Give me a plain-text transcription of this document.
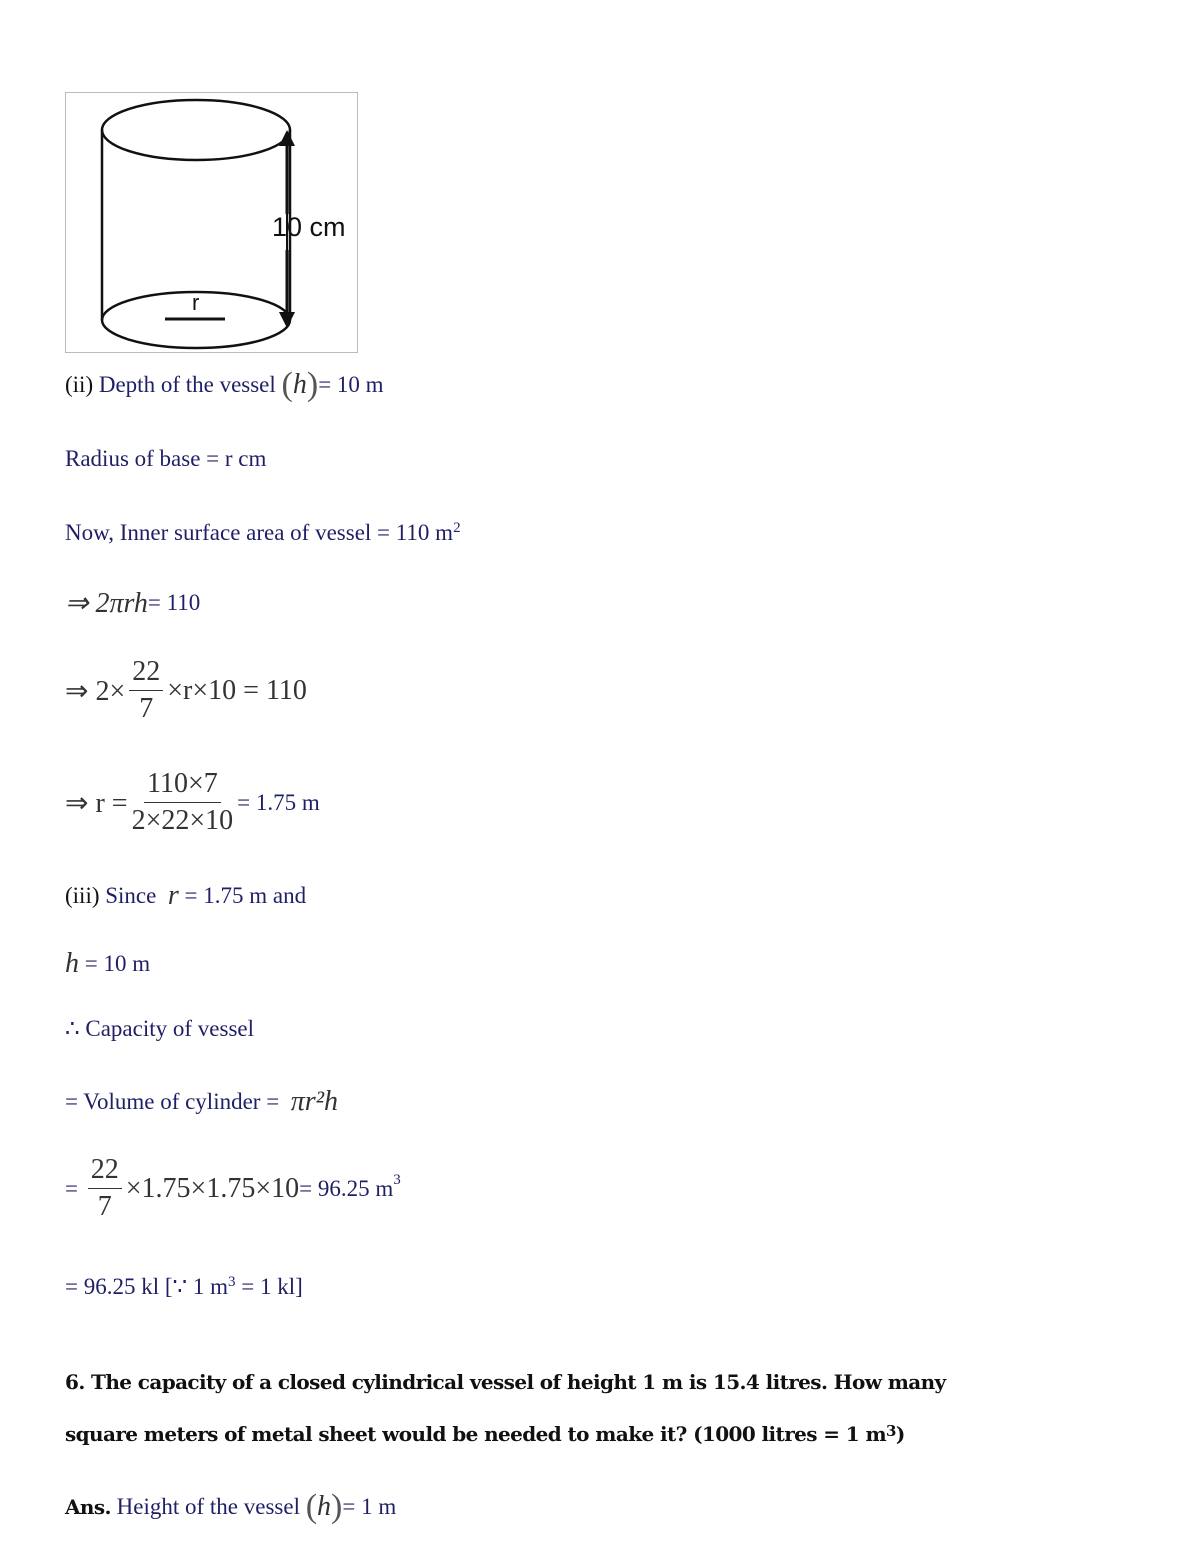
10 cm
r
(ii)
Depth of the vessel
( h ) = 10 m
Radius of base = r cm
Now, Inner surface area of vessel = 110 m 2
⇒ 2πrh = 110
⇒ $2\times \frac{22}{7} \times r\times 10 = 110$
⇒ $r = \frac{110\times 7}{2\times 22\times 10} = 1.75$ m
(iii)
Since
r
= 1.75 m and
h
= 10 m
∴ Capacity of vessel
= Volume of cylinder =
πr²h
=
$\frac{22}{7} \times 1.75\times 1.75\times 10 = 96.25$ $m^3$
= 96.25 kl [∵ 1 m 3 = 1 kl]
6. The capacity of a closed cylindrical vessel of height 1 m is 15.4 litres. How many
square meters of metal sheet would be needed to make it? (1000 litres = 1 m 3 )
Ans.
Height of the vessel
( h ) = 1 m
